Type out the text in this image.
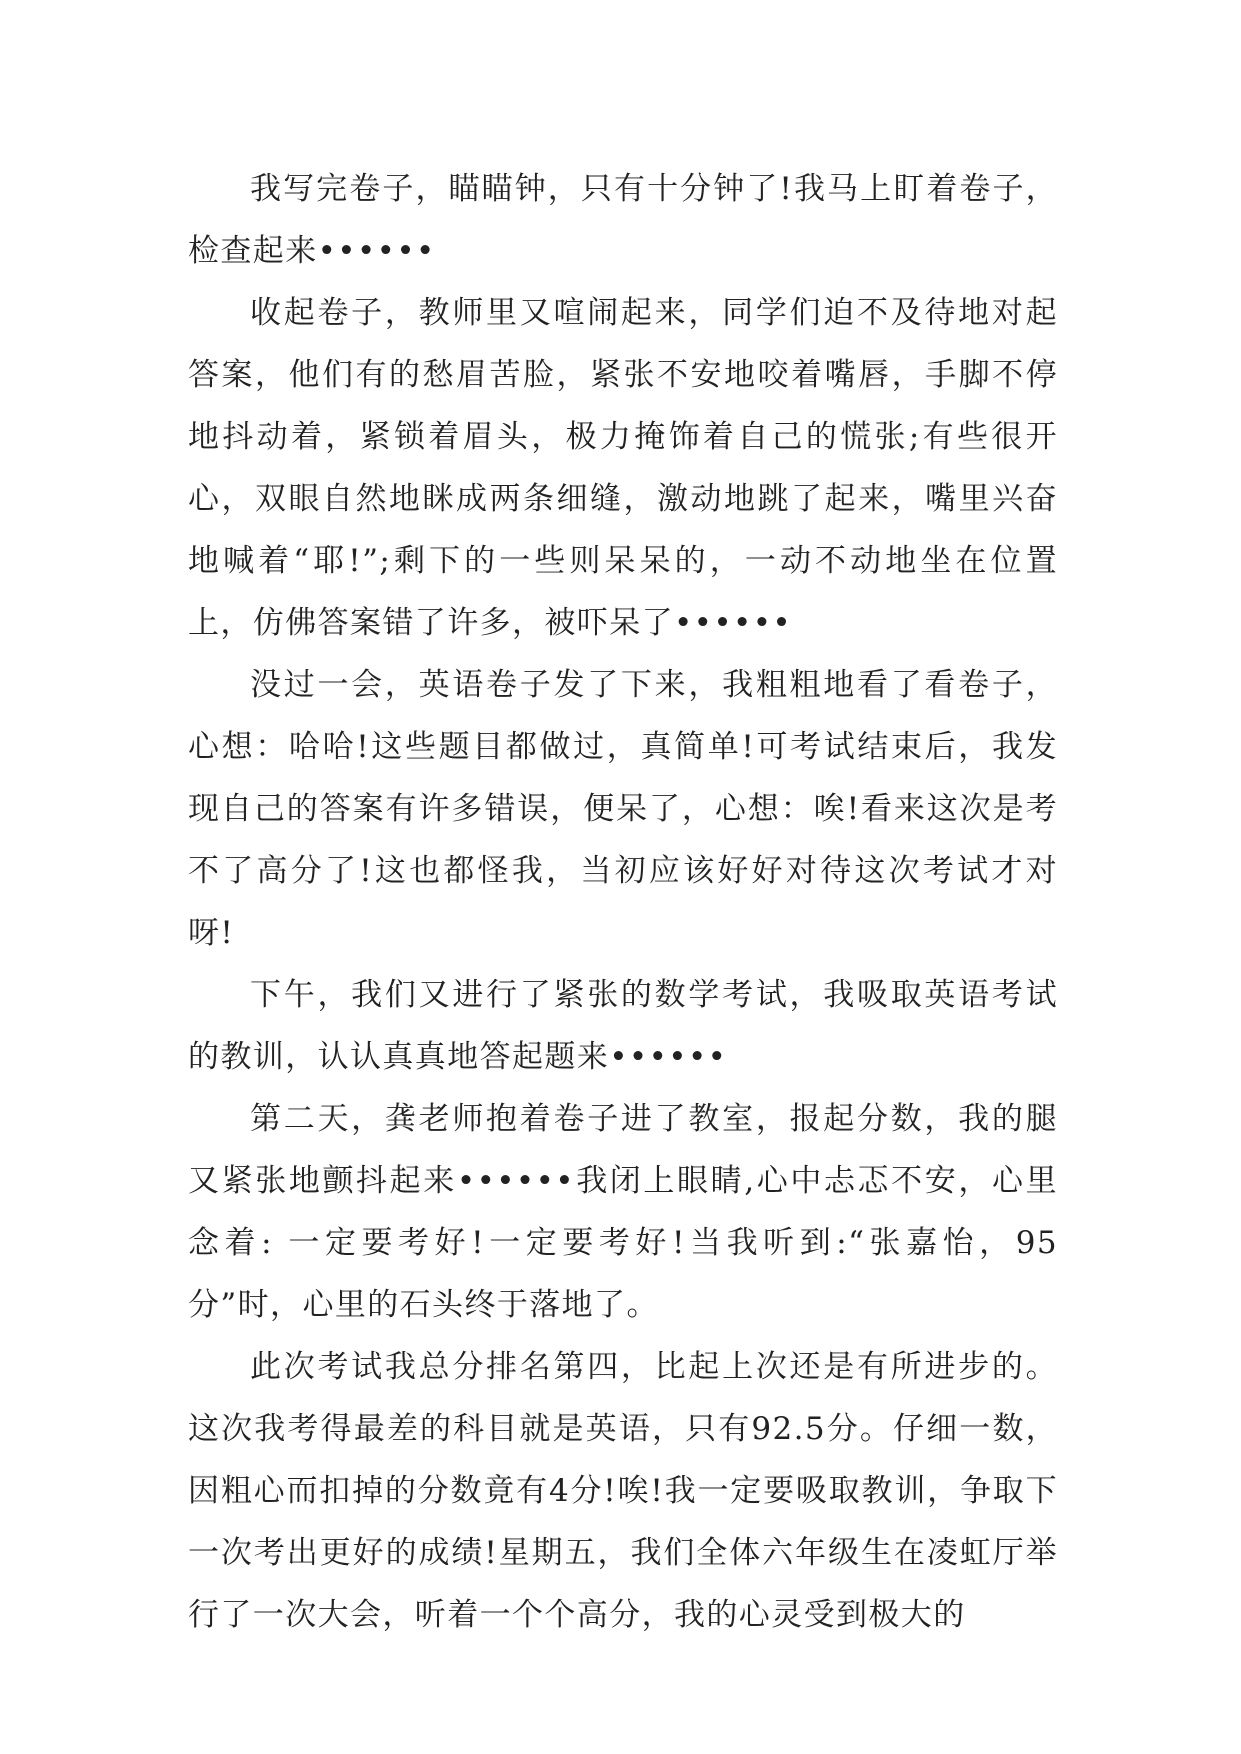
我写完卷子，瞄瞄钟，只有十分钟了!我马上盯着卷子，检查起来••••••

收起卷子，教师里又喧闹起来，同学们迫不及待地对起答案，他们有的愁眉苦脸，紧张不安地咬着嘴唇，手脚不停地抖动着，紧锁着眉头，极力掩饰着自己的慌张;有些很开心，双眼自然地眯成两条细缝，激动地跳了起来，嘴里兴奋地喊着“耶!”;剩下的一些则呆呆的，一动不动地坐在位置上，仿佛答案错了许多，被吓呆了••••••

没过一会，英语卷子发了下来，我粗粗地看了看卷子，心想：哈哈!这些题目都做过，真简单!可考试结束后，我发现自己的答案有许多错误，便呆了，心想：唉!看来这次是考不了高分了!这也都怪我，当初应该好好对待这次考试才对呀!

下午，我们又进行了紧张的数学考试，我吸取英语考试的教训，认认真真地答起题来••••••

第二天，龚老师抱着卷子进了教室，报起分数，我的腿又紧张地颤抖起来••••••我闭上眼睛,心中忐忑不安，心里念着: 一定要考好!一定要考好!当我听到:“张嘉怡，95分”时，心里的石头终于落地了。

此次考试我总分排名第四，比起上次还是有所进步的。这次我考得最差的科目就是英语，只有92.5分。仔细一数，因粗心而扣掉的分数竟有4分!唉!我一定要吸取教训，争取下一次考出更好的成绩!星期五，我们全体六年级生在凌虹厅举行了一次大会，听着一个个高分，我的心灵受到极大的
